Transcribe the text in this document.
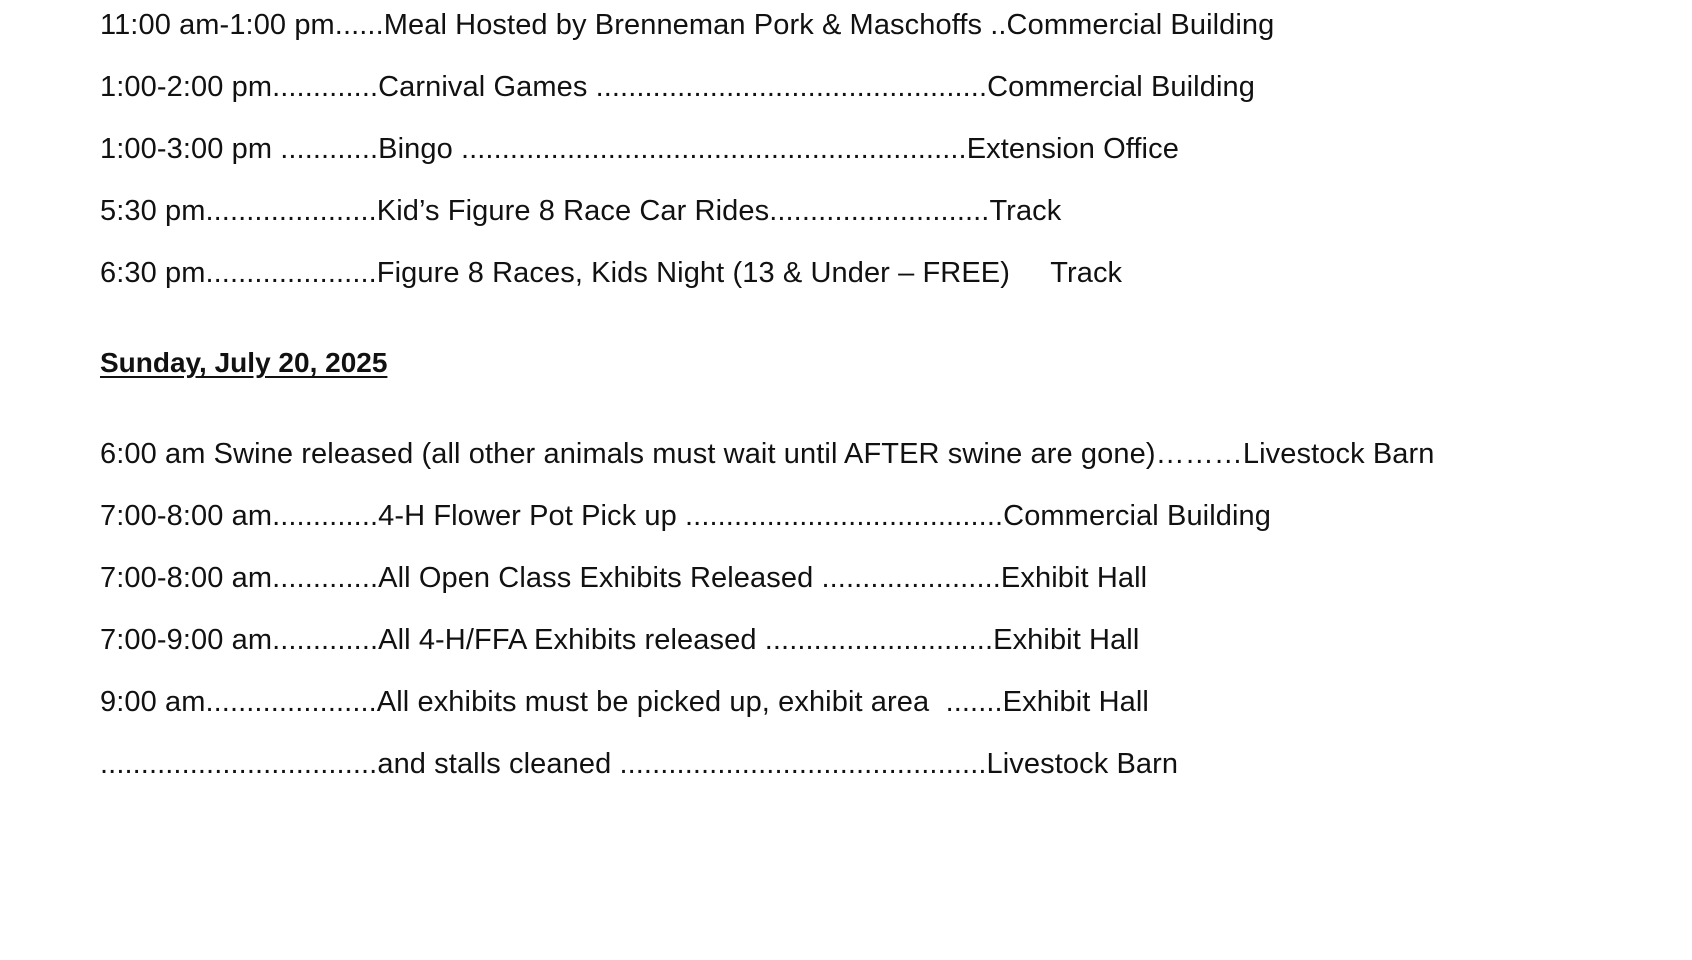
11:00 am-1:00 pm......Meal Hosted by Brenneman Pork & Maschoffs ..Commercial Building
1:00-2:00 pm.............Carnival Games ................................................Commercial Building
1:00-3:00 pm ............Bingo ..............................................................Extension Office
5:30 pm.....................Kid’s Figure 8 Race Car Rides...........................Track
6:30 pm.....................Figure 8 Races, Kids Night (13 & Under – FREE)     Track
Sunday, July 20, 2025
6:00 am Swine released (all other animals must wait until AFTER swine are gone)………Livestock Barn
7:00-8:00 am.............4-H Flower Pot Pick up .......................................Commercial Building
7:00-8:00 am.............All Open Class Exhibits Released ......................Exhibit Hall
7:00-9:00 am.............All 4-H/FFA Exhibits released ............................Exhibit Hall
9:00 am.....................All exhibits must be picked up, exhibit area  .......Exhibit Hall
..................................and stalls cleaned .............................................Livestock Barn
